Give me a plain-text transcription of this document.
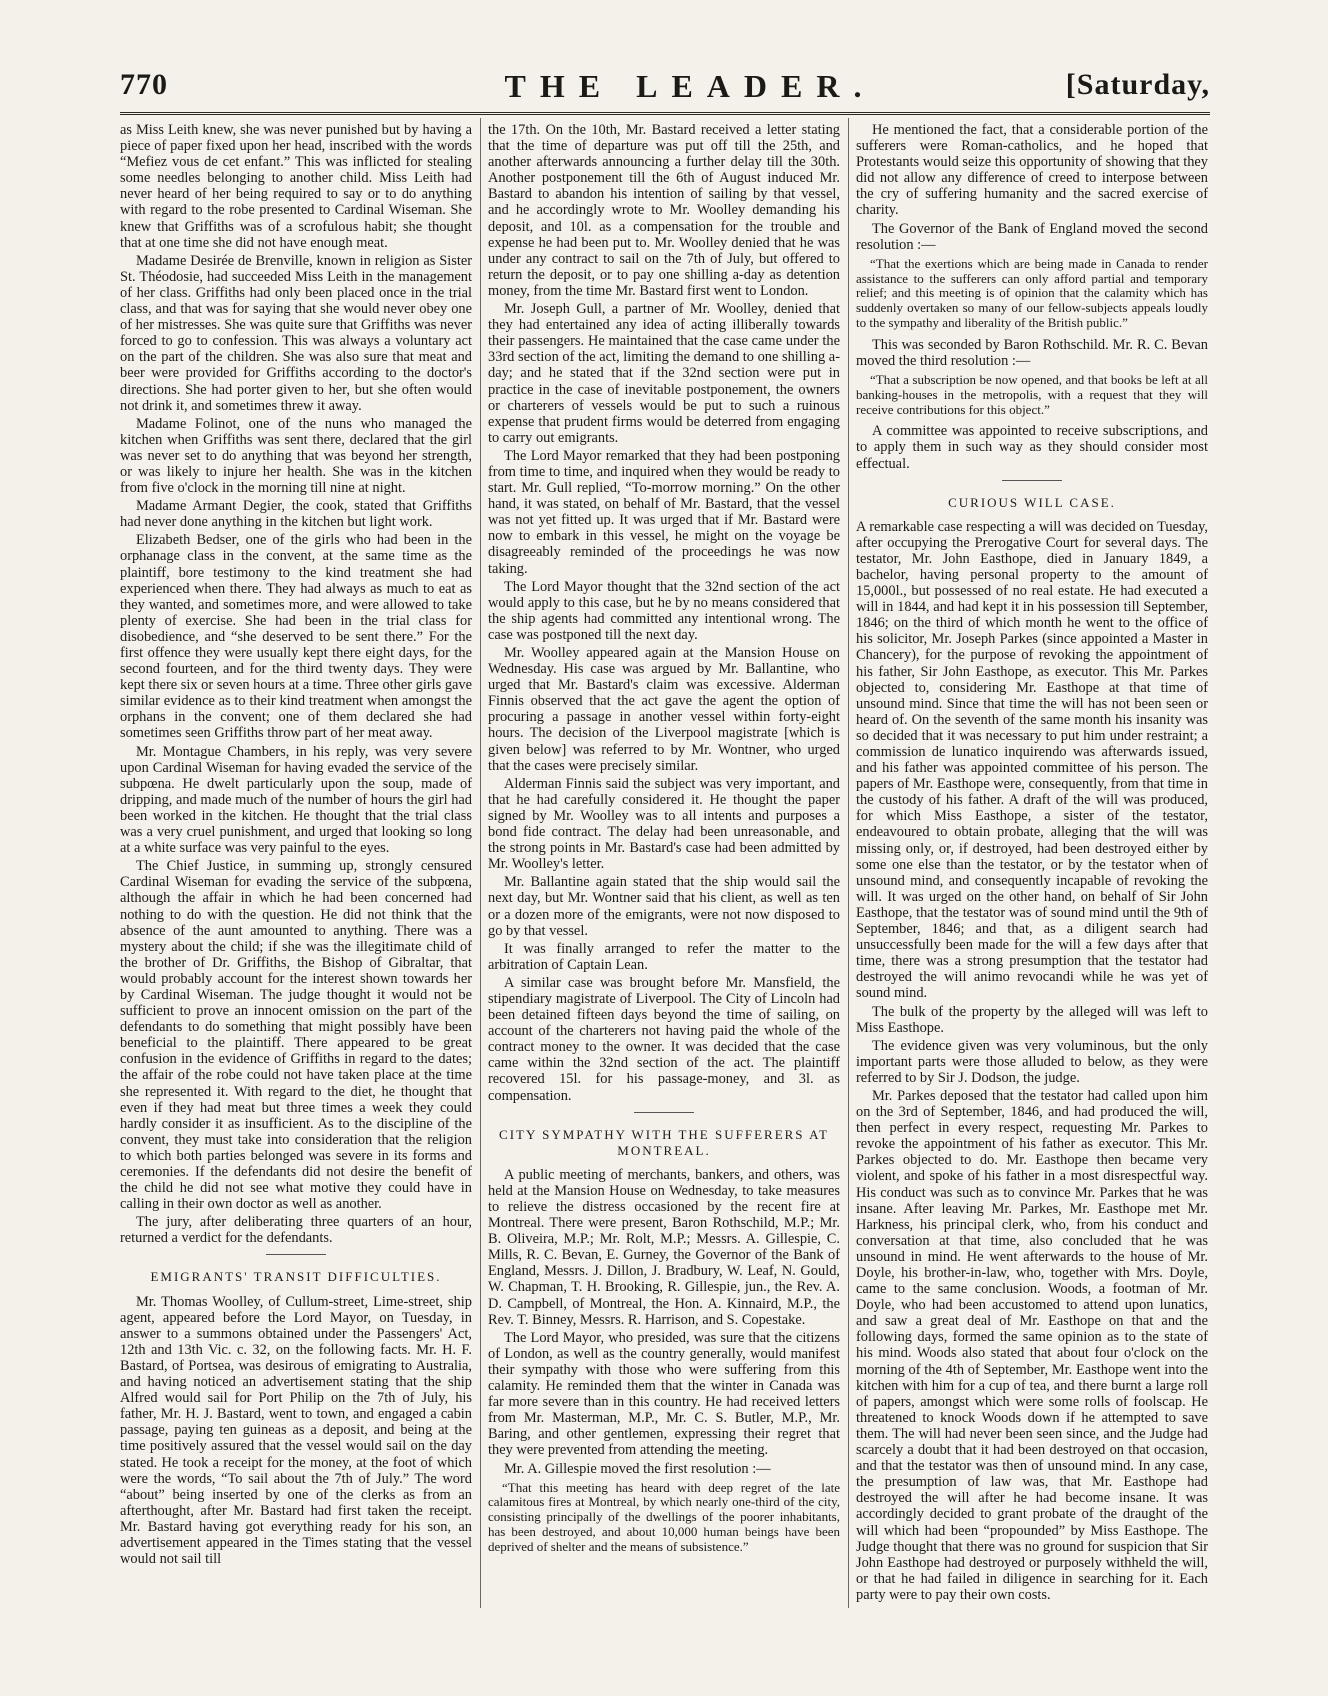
770	THE LEADER.	[Saturday,

as Miss Leith knew, she was never punished but by having a piece of paper fixed upon her head, inscribed with the words “Mefiez vous de cet enfant.” This was inflicted for stealing some needles belonging to another child. Miss Leith had never heard of her being required to say or to do anything with regard to the robe presented to Cardinal Wiseman. She knew that Griffiths was of a scrofulous habit; she thought that at one time she did not have enough meat.

Madame Desirée de Brenville, known in religion as Sister St. Théodosie, had succeeded Miss Leith in the management of her class. Griffiths had only been placed once in the trial class, and that was for saying that she would never obey one of her mistresses. She was quite sure that Griffiths was never forced to go to confession. This was always a voluntary act on the part of the children. She was also sure that meat and beer were provided for Griffiths according to the doctor's directions. She had porter given to her, but she often would not drink it, and sometimes threw it away.

Madame Folinot, one of the nuns who managed the kitchen when Griffiths was sent there, declared that the girl was never set to do anything that was beyond her strength, or was likely to injure her health. She was in the kitchen from five o'clock in the morning till nine at night.

Madame Armant Degier, the cook, stated that Griffiths had never done anything in the kitchen but light work.

Elizabeth Bedser, one of the girls who had been in the orphanage class in the convent, at the same time as the plaintiff, bore testimony to the kind treatment she had experienced when there. They had always as much to eat as they wanted, and sometimes more, and were allowed to take plenty of exercise. She had been in the trial class for disobedience, and “she deserved to be sent there.” For the first offence they were usually kept there eight days, for the second fourteen, and for the third twenty days. They were kept there six or seven hours at a time. Three other girls gave similar evidence as to their kind treatment when amongst the orphans in the convent; one of them declared she had sometimes seen Griffiths throw part of her meat away.

Mr. Montague Chambers, in his reply, was very severe upon Cardinal Wiseman for having evaded the service of the subpœna. He dwelt particularly upon the soup, made of dripping, and made much of the number of hours the girl had been worked in the kitchen. He thought that the trial class was a very cruel punishment, and urged that looking so long at a white surface was very painful to the eyes.

The Chief Justice, in summing up, strongly censured Cardinal Wiseman for evading the service of the subpœna, although the affair in which he had been concerned had nothing to do with the question. He did not think that the absence of the aunt amounted to anything. There was a mystery about the child; if she was the illegitimate child of the brother of Dr. Griffiths, the Bishop of Gibraltar, that would probably account for the interest shown towards her by Cardinal Wiseman. The judge thought it would not be sufficient to prove an innocent omission on the part of the defendants to do something that might possibly have been beneficial to the plaintiff. There appeared to be great confusion in the evidence of Griffiths in regard to the dates; the affair of the robe could not have taken place at the time she represented it. With regard to the diet, he thought that even if they had meat but three times a week they could hardly consider it as insufficient. As to the discipline of the convent, they must take into consideration that the religion to which both parties belonged was severe in its forms and ceremonies. If the defendants did not desire the benefit of the child he did not see what motive they could have in calling in their own doctor as well as another.

The jury, after deliberating three quarters of an hour, returned a verdict for the defendants.

EMIGRANTS' TRANSIT DIFFICULTIES.

Mr. Thomas Woolley, of Cullum-street, Lime-street, ship agent, appeared before the Lord Mayor, on Tuesday, in answer to a summons obtained under the Passengers' Act, 12th and 13th Vic. c. 32, on the following facts. Mr. H. F. Bastard, of Portsea, was desirous of emigrating to Australia, and having noticed an advertisement stating that the ship Alfred would sail for Port Philip on the 7th of July, his father, Mr. H. J. Bastard, went to town, and engaged a cabin passage, paying ten guineas as a deposit, and being at the time positively assured that the vessel would sail on the day stated. He took a receipt for the money, at the foot of which were the words, “To sail about the 7th of July.” The word “about” being inserted by one of the clerks as from an afterthought, after Mr. Bastard had first taken the receipt. Mr. Bastard having got everything ready for his son, an advertisement appeared in the Times stating that the vessel would not sail till

the 17th. On the 10th, Mr. Bastard received a letter stating that the time of departure was put off till the 25th, and another afterwards announcing a further delay till the 30th. Another postponement till the 6th of August induced Mr. Bastard to abandon his intention of sailing by that vessel, and he accordingly wrote to Mr. Woolley demanding his deposit, and 10l. as a compensation for the trouble and expense he had been put to. Mr. Woolley denied that he was under any contract to sail on the 7th of July, but offered to return the deposit, or to pay one shilling a-day as detention money, from the time Mr. Bastard first went to London.

Mr. Joseph Gull, a partner of Mr. Woolley, denied that they had entertained any idea of acting illiberally towards their passengers. He maintained that the case came under the 33rd section of the act, limiting the demand to one shilling a-day; and he stated that if the 32nd section were put in practice in the case of inevitable postponement, the owners or charterers of vessels would be put to such a ruinous expense that prudent firms would be deterred from engaging to carry out emigrants.

The Lord Mayor remarked that they had been postponing from time to time, and inquired when they would be ready to start. Mr. Gull replied, “To-morrow morning.” On the other hand, it was stated, on behalf of Mr. Bastard, that the vessel was not yet fitted up. It was urged that if Mr. Bastard were now to embark in this vessel, he might on the voyage be disagreeably reminded of the proceedings he was now taking.

The Lord Mayor thought that the 32nd section of the act would apply to this case, but he by no means considered that the ship agents had committed any intentional wrong. The case was postponed till the next day.

Mr. Woolley appeared again at the Mansion House on Wednesday. His case was argued by Mr. Ballantine, who urged that Mr. Bastard's claim was excessive. Alderman Finnis observed that the act gave the agent the option of procuring a passage in another vessel within forty-eight hours. The decision of the Liverpool magistrate [which is given below] was referred to by Mr. Wontner, who urged that the cases were precisely similar.

Alderman Finnis said the subject was very important, and that he had carefully considered it. He thought the paper signed by Mr. Woolley was to all intents and purposes a bond fide contract. The delay had been unreasonable, and the strong points in Mr. Bastard's case had been admitted by Mr. Woolley's letter.

Mr. Ballantine again stated that the ship would sail the next day, but Mr. Wontner said that his client, as well as ten or a dozen more of the emigrants, were not now disposed to go by that vessel.

It was finally arranged to refer the matter to the arbitration of Captain Lean.

A similar case was brought before Mr. Mansfield, the stipendiary magistrate of Liverpool. The City of Lincoln had been detained fifteen days beyond the time of sailing, on account of the charterers not having paid the whole of the contract money to the owner. It was decided that the case came within the 32nd section of the act. The plaintiff recovered 15l. for his passage-money, and 3l. as compensation.

CITY SYMPATHY WITH THE SUFFERERS AT MONTREAL.

A public meeting of merchants, bankers, and others, was held at the Mansion House on Wednesday, to take measures to relieve the distress occasioned by the recent fire at Montreal. There were present, Baron Rothschild, M.P.; Mr. B. Oliveira, M.P.; Mr. Rolt, M.P.; Messrs. A. Gillespie, C. Mills, R. C. Bevan, E. Gurney, the Governor of the Bank of England, Messrs. J. Dillon, J. Bradbury, W. Leaf, N. Gould, W. Chapman, T. H. Brooking, R. Gillespie, jun., the Rev. A. D. Campbell, of Montreal, the Hon. A. Kinnaird, M.P., the Rev. T. Binney, Messrs. R. Harrison, and S. Copestake.

The Lord Mayor, who presided, was sure that the citizens of London, as well as the country generally, would manifest their sympathy with those who were suffering from this calamity. He reminded them that the winter in Canada was far more severe than in this country. He had received letters from Mr. Masterman, M.P., Mr. C. S. Butler, M.P., Mr. Baring, and other gentlemen, expressing their regret that they were prevented from attending the meeting.

Mr. A. Gillespie moved the first resolution :—

“That this meeting has heard with deep regret of the late calamitous fires at Montreal, by which nearly one-third of the city, consisting principally of the dwellings of the poorer inhabitants, has been destroyed, and about 10,000 human beings have been deprived of shelter and the means of subsistence.”

He mentioned the fact, that a considerable portion of the sufferers were Roman-catholics, and he hoped that Protestants would seize this opportunity of showing that they did not allow any difference of creed to interpose between the cry of suffering humanity and the sacred exercise of charity.

The Governor of the Bank of England moved the second resolution :—

“That the exertions which are being made in Canada to render assistance to the sufferers can only afford partial and temporary relief; and this meeting is of opinion that the calamity which has suddenly overtaken so many of our fellow-subjects appeals loudly to the sympathy and liberality of the British public.”

This was seconded by Baron Rothschild. Mr. R. C. Bevan moved the third resolution :—

“That a subscription be now opened, and that books be left at all banking-houses in the metropolis, with a request that they will receive contributions for this object.”

A committee was appointed to receive subscriptions, and to apply them in such way as they should consider most effectual.

CURIOUS WILL CASE.

A remarkable case respecting a will was decided on Tuesday, after occupying the Prerogative Court for several days. The testator, Mr. John Easthope, died in January 1849, a bachelor, having personal property to the amount of 15,000l., but possessed of no real estate. He had executed a will in 1844, and had kept it in his possession till September, 1846; on the third of which month he went to the office of his solicitor, Mr. Joseph Parkes (since appointed a Master in Chancery), for the purpose of revoking the appointment of his father, Sir John Easthope, as executor. This Mr. Parkes objected to, considering Mr. Easthope at that time of unsound mind. Since that time the will has not been seen or heard of. On the seventh of the same month his insanity was so decided that it was necessary to put him under restraint; a commission de lunatico inquirendo was afterwards issued, and his father was appointed committee of his person. The papers of Mr. Easthope were, consequently, from that time in the custody of his father. A draft of the will was produced, for which Miss Easthope, a sister of the testator, endeavoured to obtain probate, alleging that the will was missing only, or, if destroyed, had been destroyed either by some one else than the testator, or by the testator when of unsound mind, and consequently incapable of revoking the will. It was urged on the other hand, on behalf of Sir John Easthope, that the testator was of sound mind until the 9th of September, 1846; and that, as a diligent search had unsuccessfully been made for the will a few days after that time, there was a strong presumption that the testator had destroyed the will animo revocandi while he was yet of sound mind.

The bulk of the property by the alleged will was left to Miss Easthope.

The evidence given was very voluminous, but the only important parts were those alluded to below, as they were referred to by Sir J. Dodson, the judge.

Mr. Parkes deposed that the testator had called upon him on the 3rd of September, 1846, and had produced the will, then perfect in every respect, requesting Mr. Parkes to revoke the appointment of his father as executor. This Mr. Parkes objected to do. Mr. Easthope then became very violent, and spoke of his father in a most disrespectful way. His conduct was such as to convince Mr. Parkes that he was insane. After leaving Mr. Parkes, Mr. Easthope met Mr. Harkness, his principal clerk, who, from his conduct and conversation at that time, also concluded that he was unsound in mind. He went afterwards to the house of Mr. Doyle, his brother-in-law, who, together with Mrs. Doyle, came to the same conclusion. Woods, a footman of Mr. Doyle, who had been accustomed to attend upon lunatics, and saw a great deal of Mr. Easthope on that and the following days, formed the same opinion as to the state of his mind. Woods also stated that about four o'clock on the morning of the 4th of September, Mr. Easthope went into the kitchen with him for a cup of tea, and there burnt a large roll of papers, amongst which were some rolls of foolscap. He threatened to knock Woods down if he attempted to save them. The will had never been seen since, and the Judge had scarcely a doubt that it had been destroyed on that occasion, and that the testator was then of unsound mind. In any case, the presumption of law was, that Mr. Easthope had destroyed the will after he had become insane. It was accordingly decided to grant probate of the draught of the will which had been “propounded” by Miss Easthope. The Judge thought that there was no ground for suspicion that Sir John Easthope had destroyed or purposely withheld the will, or that he had failed in diligence in searching for it. Each party were to pay their own costs.
